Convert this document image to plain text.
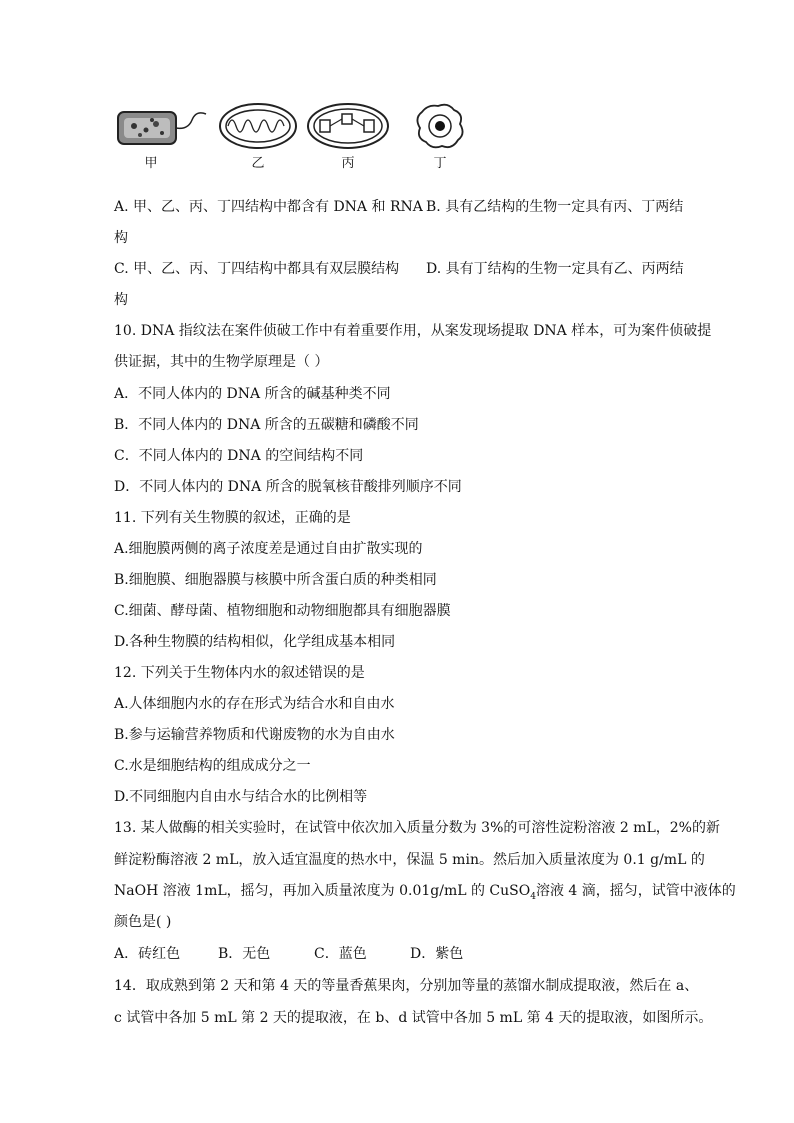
甲	乙	丙	丁
A. 甲、乙、丙、丁四结构中都含有 DNA 和 RNA B. 具有乙结构的生物一定具有丙、丁两结
构
C. 甲、乙、丙、丁四结构中都具有双层膜结构 D. 具有丁结构的生物一定具有乙、丙两结
构
10. DNA 指纹法在案件侦破工作中有着重要作用，从案发现场提取 DNA 样本，可为案件侦破提
供证据，其中的生物学原理是（ ）
A．不同人体内的 DNA 所含的碱基种类不同
B．不同人体内的 DNA 所含的五碳糖和磷酸不同
C．不同人体内的 DNA 的空间结构不同
D．不同人体内的 DNA 所含的脱氧核苷酸排列顺序不同
11. 下列有关生物膜的叙述，正确的是
A.细胞膜两侧的离子浓度差是通过自由扩散实现的
B.细胞膜、细胞器膜与核膜中所含蛋白质的种类相同
C.细菌、酵母菌、植物细胞和动物细胞都具有细胞器膜
D.各种生物膜的结构相似，化学组成基本相同
12. 下列关于生物体内水的叙述错误的是
A.人体细胞内水的存在形式为结合水和自由水
B.参与运输营养物质和代谢废物的水为自由水
C.水是细胞结构的组成成分之一
D.不同细胞内自由水与结合水的比例相等
13. 某人做酶的相关实验时，在试管中依次加入质量分数为 3%的可溶性淀粉溶液 2 mL，2%的新
鲜淀粉酶溶液 2 mL，放入适宜温度的热水中，保温 5 min。然后加入质量浓度为 0.1 g/mL 的
NaOH 溶液 1mL，摇匀，再加入质量浓度为 0.01g/mL 的 CuSO$_4$溶液 4 滴，摇匀，试管中液体的
颜色是( )
A．砖红色	B．无色	C．蓝色	D．紫色
14．取成熟到第 2 天和第 4 天的等量香蕉果肉，分别加等量的蒸馏水制成提取液，然后在 a、
c 试管中各加 5 mL 第 2 天的提取液，在 b、d 试管中各加 5 mL 第 4 天的提取液，如图所示。
